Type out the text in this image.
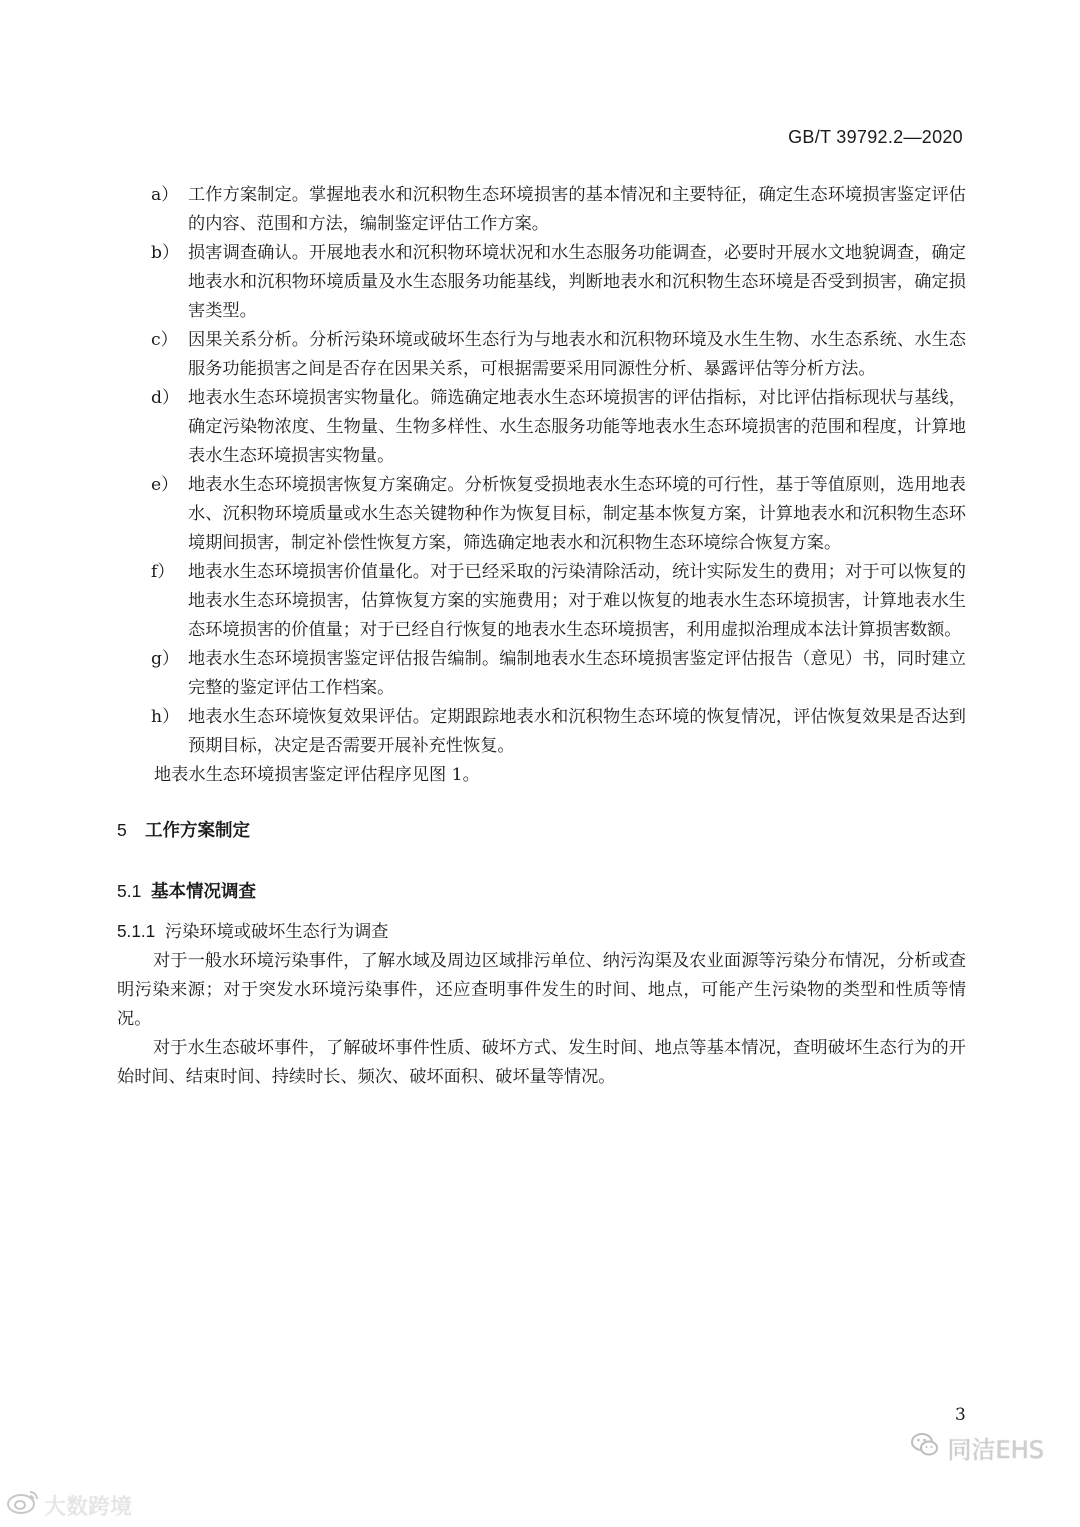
GB/T 39792.2—2020
a） 工作方案制定。掌握地表水和沉积物生态环境损害的基本情况和主要特征，确定生态环境损害鉴定评估的内容、范围和方法，编制鉴定评估工作方案。
b） 损害调查确认。开展地表水和沉积物环境状况和水生态服务功能调查，必要时开展水文地貌调查，确定地表水和沉积物环境质量及水生态服务功能基线，判断地表水和沉积物生态环境是否受到损害，确定损害类型。
c） 因果关系分析。分析污染环境或破坏生态行为与地表水和沉积物环境及水生生物、水生态系统、水生态服务功能损害之间是否存在因果关系，可根据需要采用同源性分析、暴露评估等分析方法。
d） 地表水生态环境损害实物量化。筛选确定地表水生态环境损害的评估指标，对比评估指标现状与基线，确定污染物浓度、生物量、生物多样性、水生态服务功能等地表水生态环境损害的范围和程度，计算地表水生态环境损害实物量。
e） 地表水生态环境损害恢复方案确定。分析恢复受损地表水生态环境的可行性，基于等值原则，选用地表水、沉积物环境质量或水生态关键物种作为恢复目标，制定基本恢复方案，计算地表水和沉积物生态环境期间损害，制定补偿性恢复方案，筛选确定地表水和沉积物生态环境综合恢复方案。
f） 地表水生态环境损害价值量化。对于已经采取的污染清除活动，统计实际发生的费用；对于可以恢复的地表水生态环境损害，估算恢复方案的实施费用；对于难以恢复的地表水生态环境损害，计算地表水生态环境损害的价值量；对于已经自行恢复的地表水生态环境损害，利用虚拟治理成本法计算损害数额。
g） 地表水生态环境损害鉴定评估报告编制。编制地表水生态环境损害鉴定评估报告（意见）书，同时建立完整的鉴定评估工作档案。
h） 地表水生态环境恢复效果评估。定期跟踪地表水和沉积物生态环境的恢复情况，评估恢复效果是否达到预期目标，决定是否需要开展补充性恢复。
地表水生态环境损害鉴定评估程序见图 1。
5 工作方案制定
5.1 基本情况调查
5.1.1 污染环境或破坏生态行为调查

对于一般水环境污染事件，了解水域及周边区域排污单位、纳污沟渠及农业面源等污染分布情况，分析或查明污染来源；对于突发水环境污染事件，还应查明事件发生的时间、地点，可能产生污染物的类型和性质等情况。

对于水生态破坏事件，了解破坏事件性质、破坏方式、发生时间、地点等基本情况，查明破坏生态行为的开始时间、结束时间、持续时长、频次、破坏面积、破坏量等情况。

3
大数跨境
同洁EHS
